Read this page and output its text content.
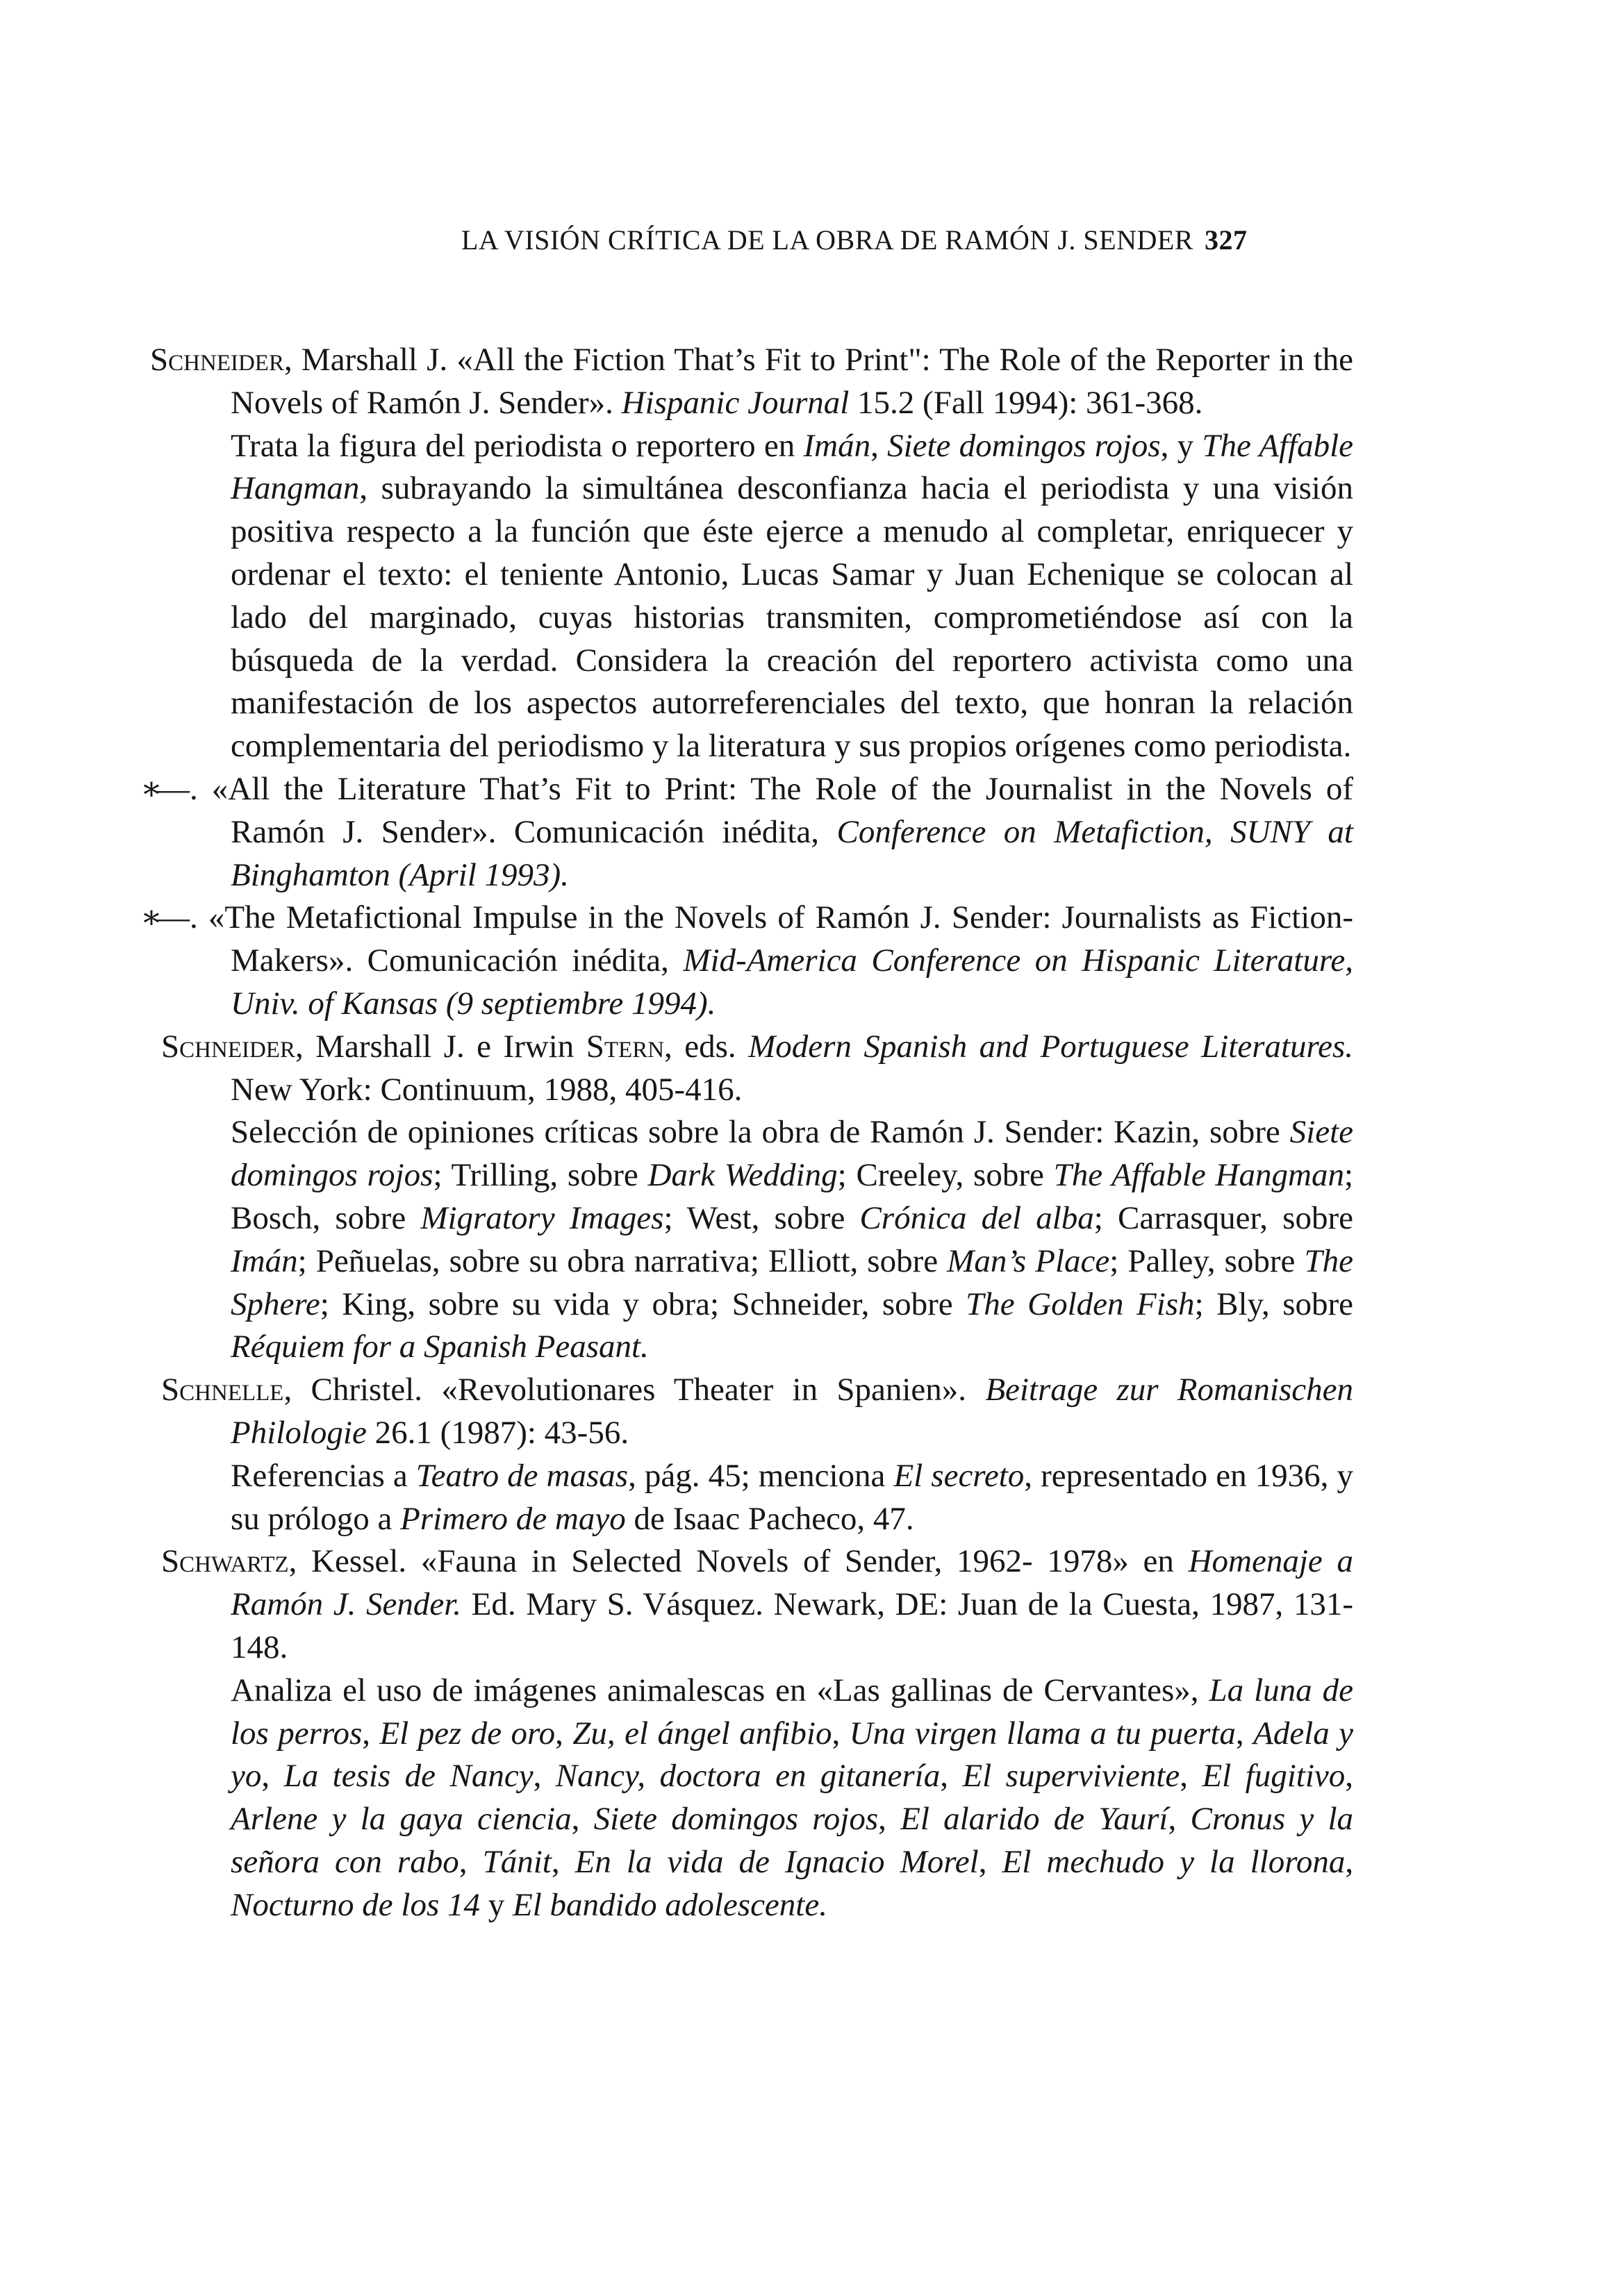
LA VISIÓN CRÍTICA DE LA OBRA DE RAMÓN J. SENDER 327
Schneider, Marshall J. «All the Fiction That’s Fit to Print": The Role of the Reporter in the Novels of Ramón J. Sender». Hispanic Journal 15.2 (Fall 1994): 361-368.
Trata la figura del periodista o reportero en Imán, Siete domingos rojos, y The Affable Hangman, subrayando la simultánea desconfianza hacia el periodista y una visión positiva respecto a la función que éste ejerce a menudo al completar, enriquecer y ordenar el texto: el teniente Antonio, Lucas Samar y Juan Echenique se colocan al lado del marginado, cuyas historias transmiten, comprometiéndose así con la búsqueda de la verdad. Considera la creación del reportero activista como una manifestación de los aspectos autorreferenciales del texto, que honran la relación complementaria del periodismo y la literatura y sus propios orígenes como periodista.
∗—. «All the Literature That’s Fit to Print: The Role of the Journalist in the Novels of Ramón J. Sender». Comunicación inédita, Conference on Metafiction, SUNY at Binghamton (April 1993).
∗—. «The Metafictional Impulse in the Novels of Ramón J. Sender: Journalists as Fiction-Makers». Comunicación inédita, Mid-America Conference on Hispanic Literature, Univ. of Kansas (9 septiembre 1994).
Schneider, Marshall J. e Irwin Stern, eds. Modern Spanish and Portuguese Literatures. New York: Continuum, 1988, 405-416.
Selección de opiniones críticas sobre la obra de Ramón J. Sender: Kazin, sobre Siete domingos rojos; Trilling, sobre Dark Wedding; Creeley, sobre The Affable Hangman; Bosch, sobre Migratory Images; West, sobre Crónica del alba; Carrasquer, sobre Imán; Peñuelas, sobre su obra narrativa; Elliott, sobre Man’s Place; Palley, sobre The Sphere; King, sobre su vida y obra; Schneider, sobre The Golden Fish; Bly, sobre Réquiem for a Spanish Peasant.
Schnelle, Christel. «Revolutionares Theater in Spanien». Beitrage zur Romanischen Philologie 26.1 (1987): 43-56.
Referencias a Teatro de masas, pág. 45; menciona El secreto, representado en 1936, y su prólogo a Primero de mayo de Isaac Pacheco, 47.
Schwartz, Kessel. «Fauna in Selected Novels of Sender, 1962- 1978» en Homenaje a Ramón J. Sender. Ed. Mary S. Vásquez. Newark, DE: Juan de la Cuesta, 1987, 131-148.
Analiza el uso de imágenes animalescas en «Las gallinas de Cervantes», La luna de los perros, El pez de oro, Zu, el ángel anfibio, Una virgen llama a tu puerta, Adela y yo, La tesis de Nancy, Nancy, doctora en gitanería, El superviviente, El fugitivo, Arlene y la gaya ciencia, Siete domingos rojos, El alarido de Yaurí, Cronus y la señora con rabo, Tánit, En la vida de Ignacio Morel, El mechudo y la llorona, Nocturno de los 14 y El bandido adolescente.
